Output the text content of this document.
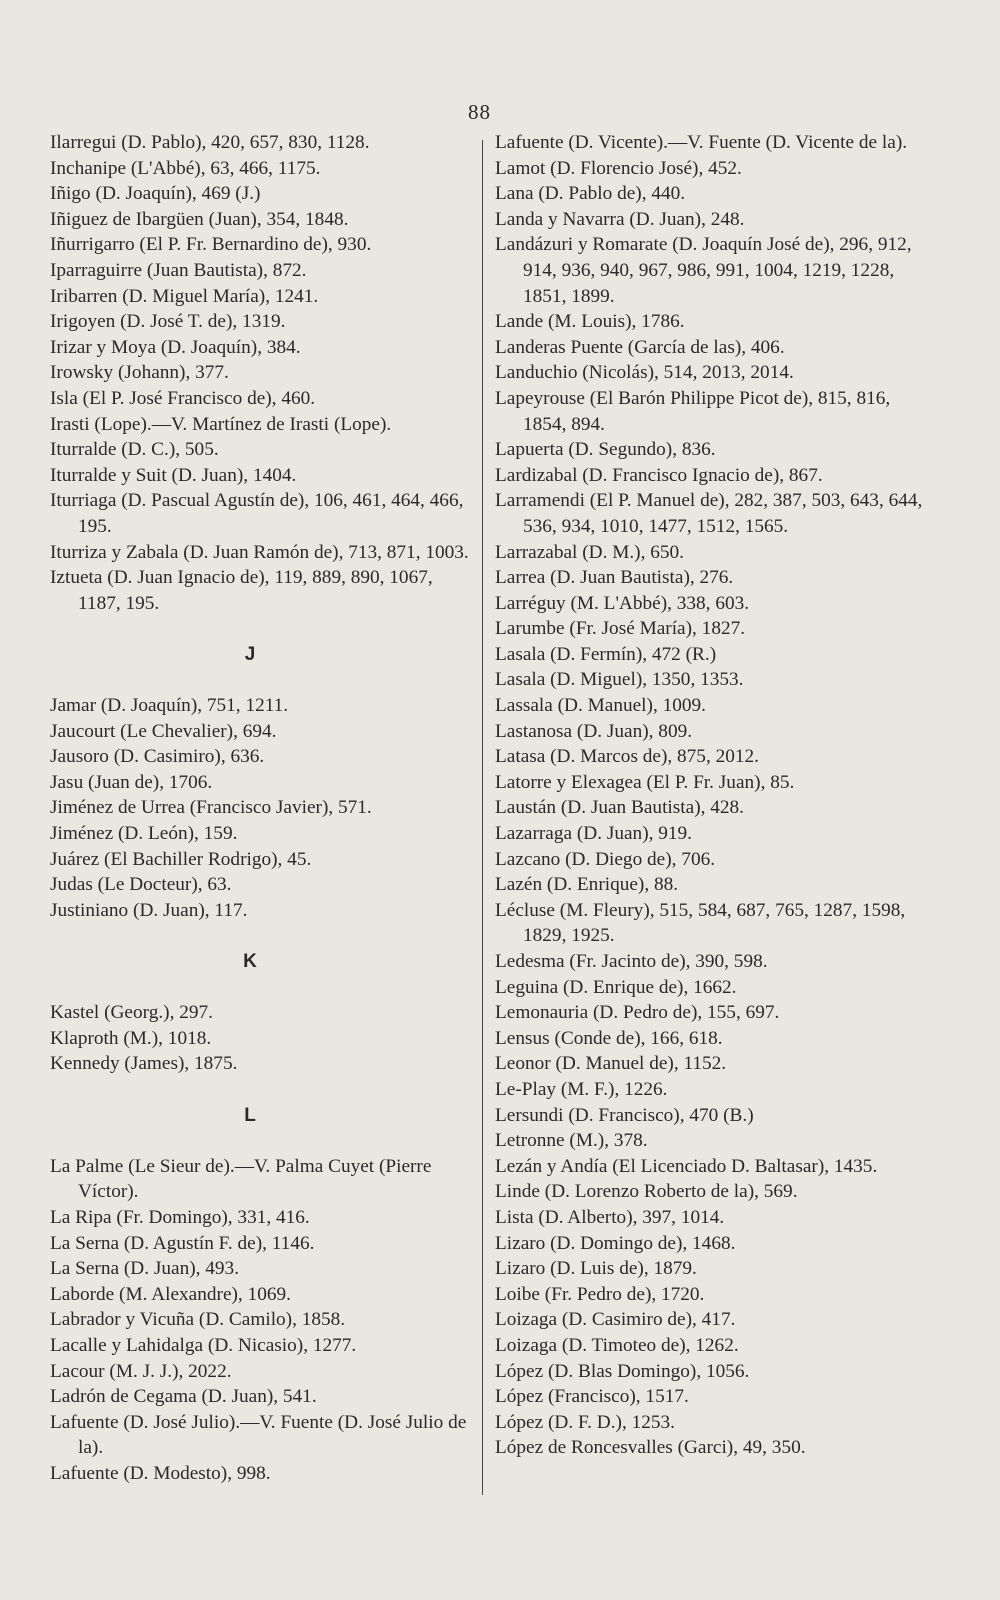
88

Ilarregui (D. Pablo), 420, 657, 830, 1128.

Inchanipe (L'Abbé), 63, 466, 1175.

Iñigo (D. Joaquín), 469 (J.)

Iñiguez de Ibargüen (Juan), 354, 1848.

Iñurrigarro (El P. Fr. Bernardino de), 930.

Iparraguirre (Juan Bautista), 872.

Iribarren (D. Miguel María), 1241.

Irigoyen (D. José T. de), 1319.

Irizar y Moya (D. Joaquín), 384.

Irowsky (Johann), 377.

Isla (El P. José Francisco de), 460.

Irasti (Lope).—V. Martínez de Irasti (Lope).

Iturralde (D. C.), 505.

Iturralde y Suit (D. Juan), 1404.

Iturriaga (D. Pascual Agustín de), 106, 461, 464, 466, 195.

Iturriza y Zabala (D. Juan Ramón de), 713, 871, 1003.

Iztueta (D. Juan Ignacio de), 119, 889, 890, 1067, 1187, 195.

J

Jamar (D. Joaquín), 751, 1211.

Jaucourt (Le Chevalier), 694.

Jausoro (D. Casimiro), 636.

Jasu (Juan de), 1706.

Jiménez de Urrea (Francisco Javier), 571.

Jiménez (D. León), 159.

Juárez (El Bachiller Rodrigo), 45.

Judas (Le Docteur), 63.

Justiniano (D. Juan), 117.

K

Kastel (Georg.), 297.

Klaproth (M.), 1018.

Kennedy (James), 1875.

L

La Palme (Le Sieur de).—V. Palma Cuyet (Pierre Víctor).

La Ripa (Fr. Domingo), 331, 416.

La Serna (D. Agustín F. de), 1146.

La Serna (D. Juan), 493.

Laborde (M. Alexandre), 1069.

Labrador y Vicuña (D. Camilo), 1858.

Lacalle y Lahidalga (D. Nicasio), 1277.

Lacour (M. J. J.), 2022.

Ladrón de Cegama (D. Juan), 541.

Lafuente (D. José Julio).—V. Fuente (D. José Julio de la).

Lafuente (D. Modesto), 998.

Lafuente (D. Vicente).—V. Fuente (D. Vicente de la).

Lamot (D. Florencio José), 452.

Lana (D. Pablo de), 440.

Landa y Navarra (D. Juan), 248.

Landázuri y Romarate (D. Joaquín José de), 296, 912, 914, 936, 940, 967, 986, 991, 1004, 1219, 1228, 1851, 1899.

Lande (M. Louis), 1786.

Landeras Puente (García de las), 406.

Landuchio (Nicolás), 514, 2013, 2014.

Lapeyrouse (El Barón Philippe Picot de), 815, 816, 1854, 894.

Lapuerta (D. Segundo), 836.

Lardizabal (D. Francisco Ignacio de), 867.

Larramendi (El P. Manuel de), 282, 387, 503, 643, 644, 536, 934, 1010, 1477, 1512, 1565.

Larrazabal (D. M.), 650.

Larrea (D. Juan Bautista), 276.

Larréguy (M. L'Abbé), 338, 603.

Larumbe (Fr. José María), 1827.

Lasala (D. Fermín), 472 (R.)

Lasala (D. Miguel), 1350, 1353.

Lassala (D. Manuel), 1009.

Lastanosa (D. Juan), 809.

Latasa (D. Marcos de), 875, 2012.

Latorre y Elexagea (El P. Fr. Juan), 85.

Laustán (D. Juan Bautista), 428.

Lazarraga (D. Juan), 919.

Lazcano (D. Diego de), 706.

Lazén (D. Enrique), 88.

Lécluse (M. Fleury), 515, 584, 687, 765, 1287, 1598, 1829, 1925.

Ledesma (Fr. Jacinto de), 390, 598.

Leguina (D. Enrique de), 1662.

Lemonauria (D. Pedro de), 155, 697.

Lensus (Conde de), 166, 618.

Leonor (D. Manuel de), 1152.

Le-Play (M. F.), 1226.

Lersundi (D. Francisco), 470 (B.)

Letronne (M.), 378.

Lezán y Andía (El Licenciado D. Baltasar), 1435.

Linde (D. Lorenzo Roberto de la), 569.

Lista (D. Alberto), 397, 1014.

Lizaro (D. Domingo de), 1468.

Lizaro (D. Luis de), 1879.

Loibe (Fr. Pedro de), 1720.

Loizaga (D. Casimiro de), 417.

Loizaga (D. Timoteo de), 1262.

López (D. Blas Domingo), 1056.

López (Francisco), 1517.

López (D. F. D.), 1253.

López de Roncesvalles (Garci), 49, 350.
